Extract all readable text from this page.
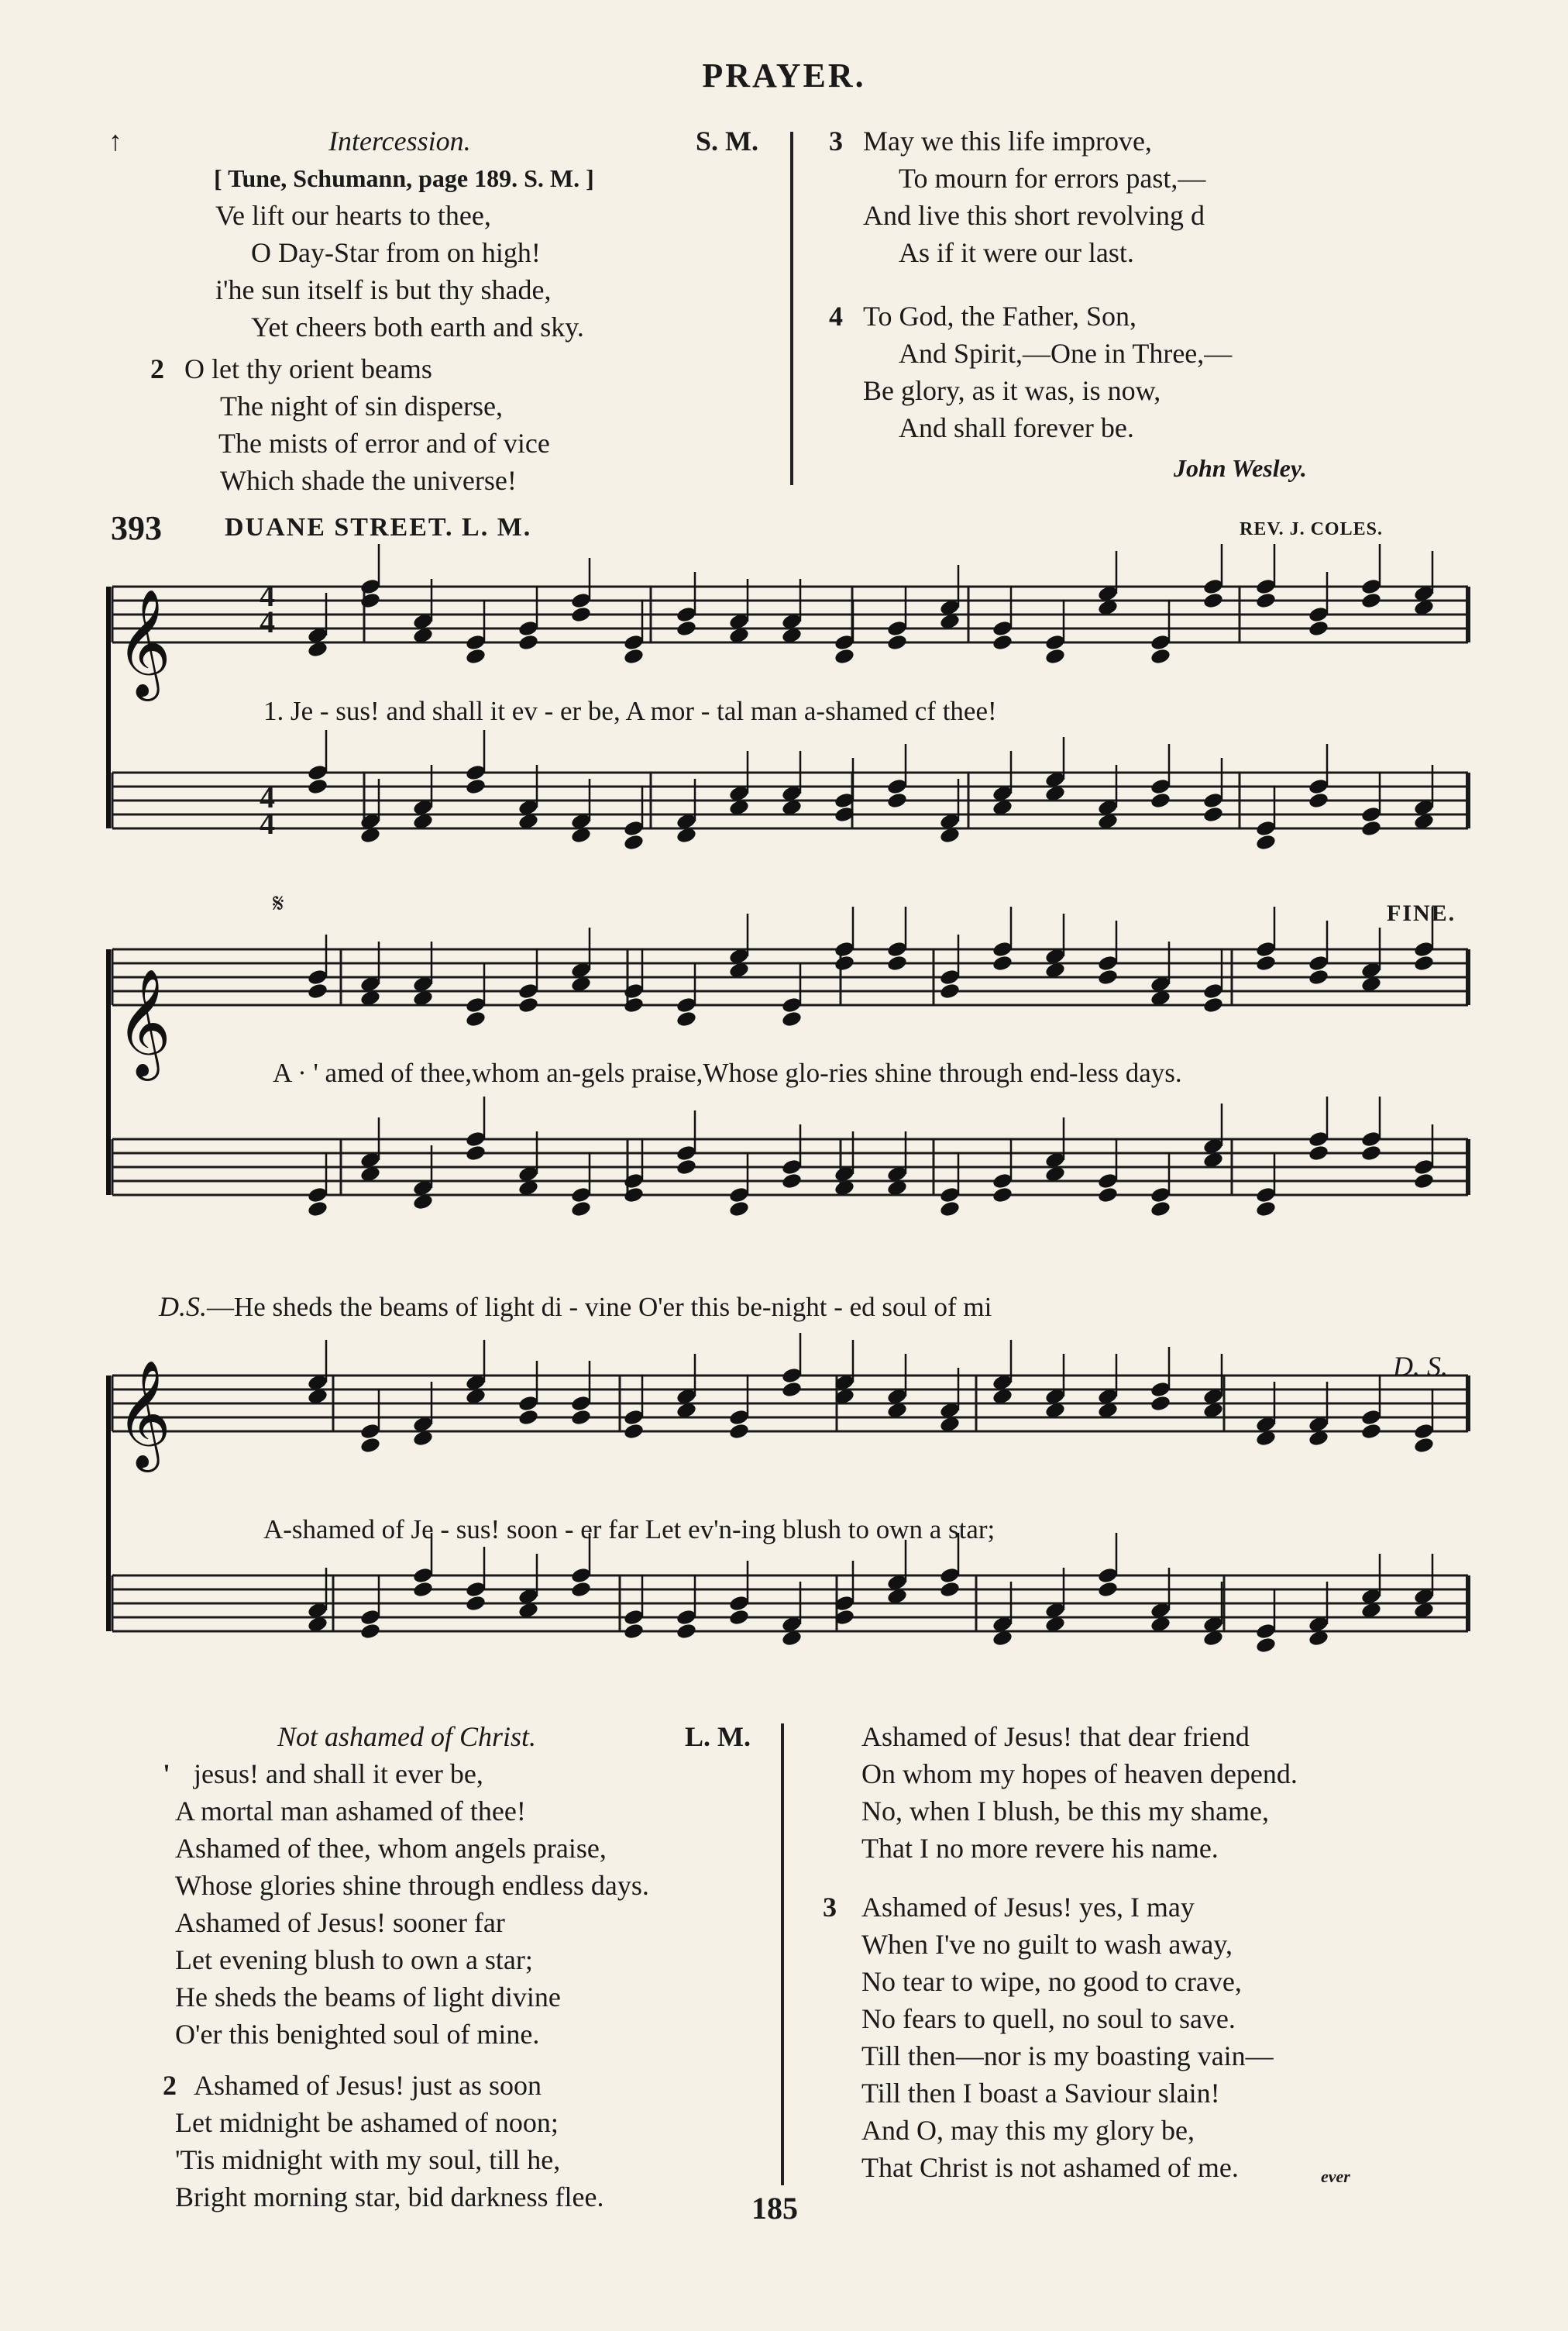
PRAYER.
↑	Intercession.	S. M.
[ Tune, Schumann, page 189. S. M. ]
Ve lift our hearts to thee,
O Day-Star from on high!
i'he sun itself is but thy shade,
Yet cheers both earth and sky.
2 O let thy orient beams
The night of sin disperse,
The mists of error and of vice
Which shade the universe!
3 May we this life improve,
To mourn for errors past,—
And live this short revolving d
As if it were our last.
4 To God, the Father, Son,
And Spirit,—One in Three,—
Be glory, as it was, is now,
And shall forever be.
John Wesley.
393 DUANE STREET. L. M.	REV. J. COLES.
𝄞
𝄞
𝄞
4
4
4
4
𝄋	FINE.
D. S.
1. Je - sus! and shall it ev - er be, A mor - tal man a-shamed cf thee!
A · ' amed of thee,whom an-gels praise,Whose glo-ries shine through end-less days.
D.S.—He sheds the beams of light di - vine O'er this be-night - ed soul of mi
A-shamed of Je - sus! soon - er far Let ev'n-ing blush to own a star;
Not ashamed of Christ.	L. M.
' jesus! and shall it ever be,
A mortal man ashamed of thee!
Ashamed of thee, whom angels praise,
Whose glories shine through endless days.
Ashamed of Jesus! sooner far
Let evening blush to own a star;
He sheds the beams of light divine
O'er this benighted soul of mine.
2 Ashamed of Jesus! just as soon
Let midnight be ashamed of noon;
'Tis midnight with my soul, till he,
Bright morning star, bid darkness flee.
Ashamed of Jesus! that dear friend
On whom my hopes of heaven depend.
No, when I blush, be this my shame,
That I no more revere his name.
3 Ashamed of Jesus! yes, I may
When I've no guilt to wash away,
No tear to wipe, no good to crave,
No fears to quell, no soul to save.
Till then—nor is my boasting vain—
Till then I boast a Saviour slain!
And O, may this my glory be,
That Christ is not ashamed of me.	ever
185
